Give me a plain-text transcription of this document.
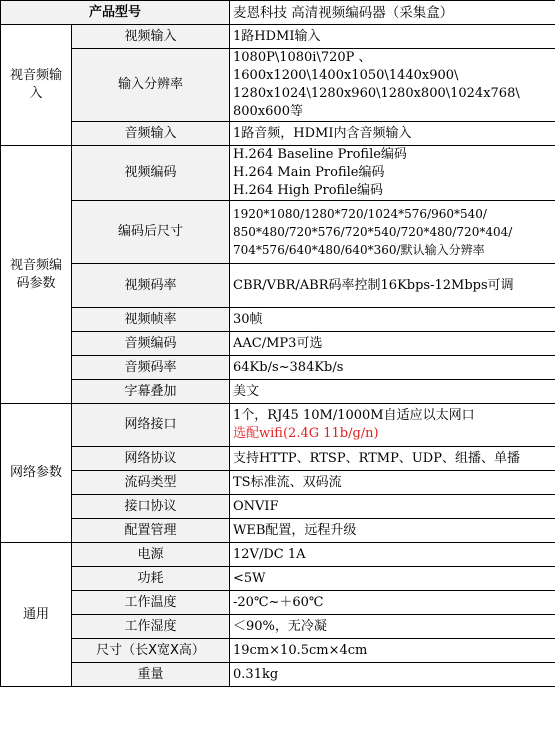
产品型号		麦恩科技 高清视频编码器（采集盒）
视音频输入	视频输入	1路HDMI输入

	输入分辨率	1080P\1080i\720P 、
1600x1200\1400x1050\1440x900\
1280x1024\1280x960\1280x800\1024x768\
800x600等

	音频输入	1路音频，HDMI内含音频输入

视音频编码参数	视频编码	H.264 Baseline Profile编码
H.264 Main Profile编码
H.264 High Profile编码

	编码后尺寸	1920*1080/1280*720/1024*576/960*540/
850*480/720*576/720*540/720*480/720*404/
704*576/640*480/640*360/默认输入分辨率

	视频码率	CBR/VBR/ABR码率控制16Kbps-12Mbps可调

	视频帧率	30帧

	音频编码	AAC/MP3可选

	音频码率	64Kb/s~384Kb/s

	字幕叠加	美文

网络参数	网络接口	1个，RJ45 10M/1000M自适应以太网口
选配wifi(2.4G 11b/g/n)

	网络协议	支持HTTP、RTSP、RTMP、UDP、组播、单播

	流码类型	TS标准流、双码流

	接口协议	ONVIF

	配置管理	WEB配置，远程升级

通用	电源	12V/DC 1A

	功耗	<5W

	工作温度	-20℃~＋60℃

	工作湿度	＜90%，无冷凝

	尺寸（长X宽X高）	19cm×10.5cm×4cm

	重量	0.31kg
